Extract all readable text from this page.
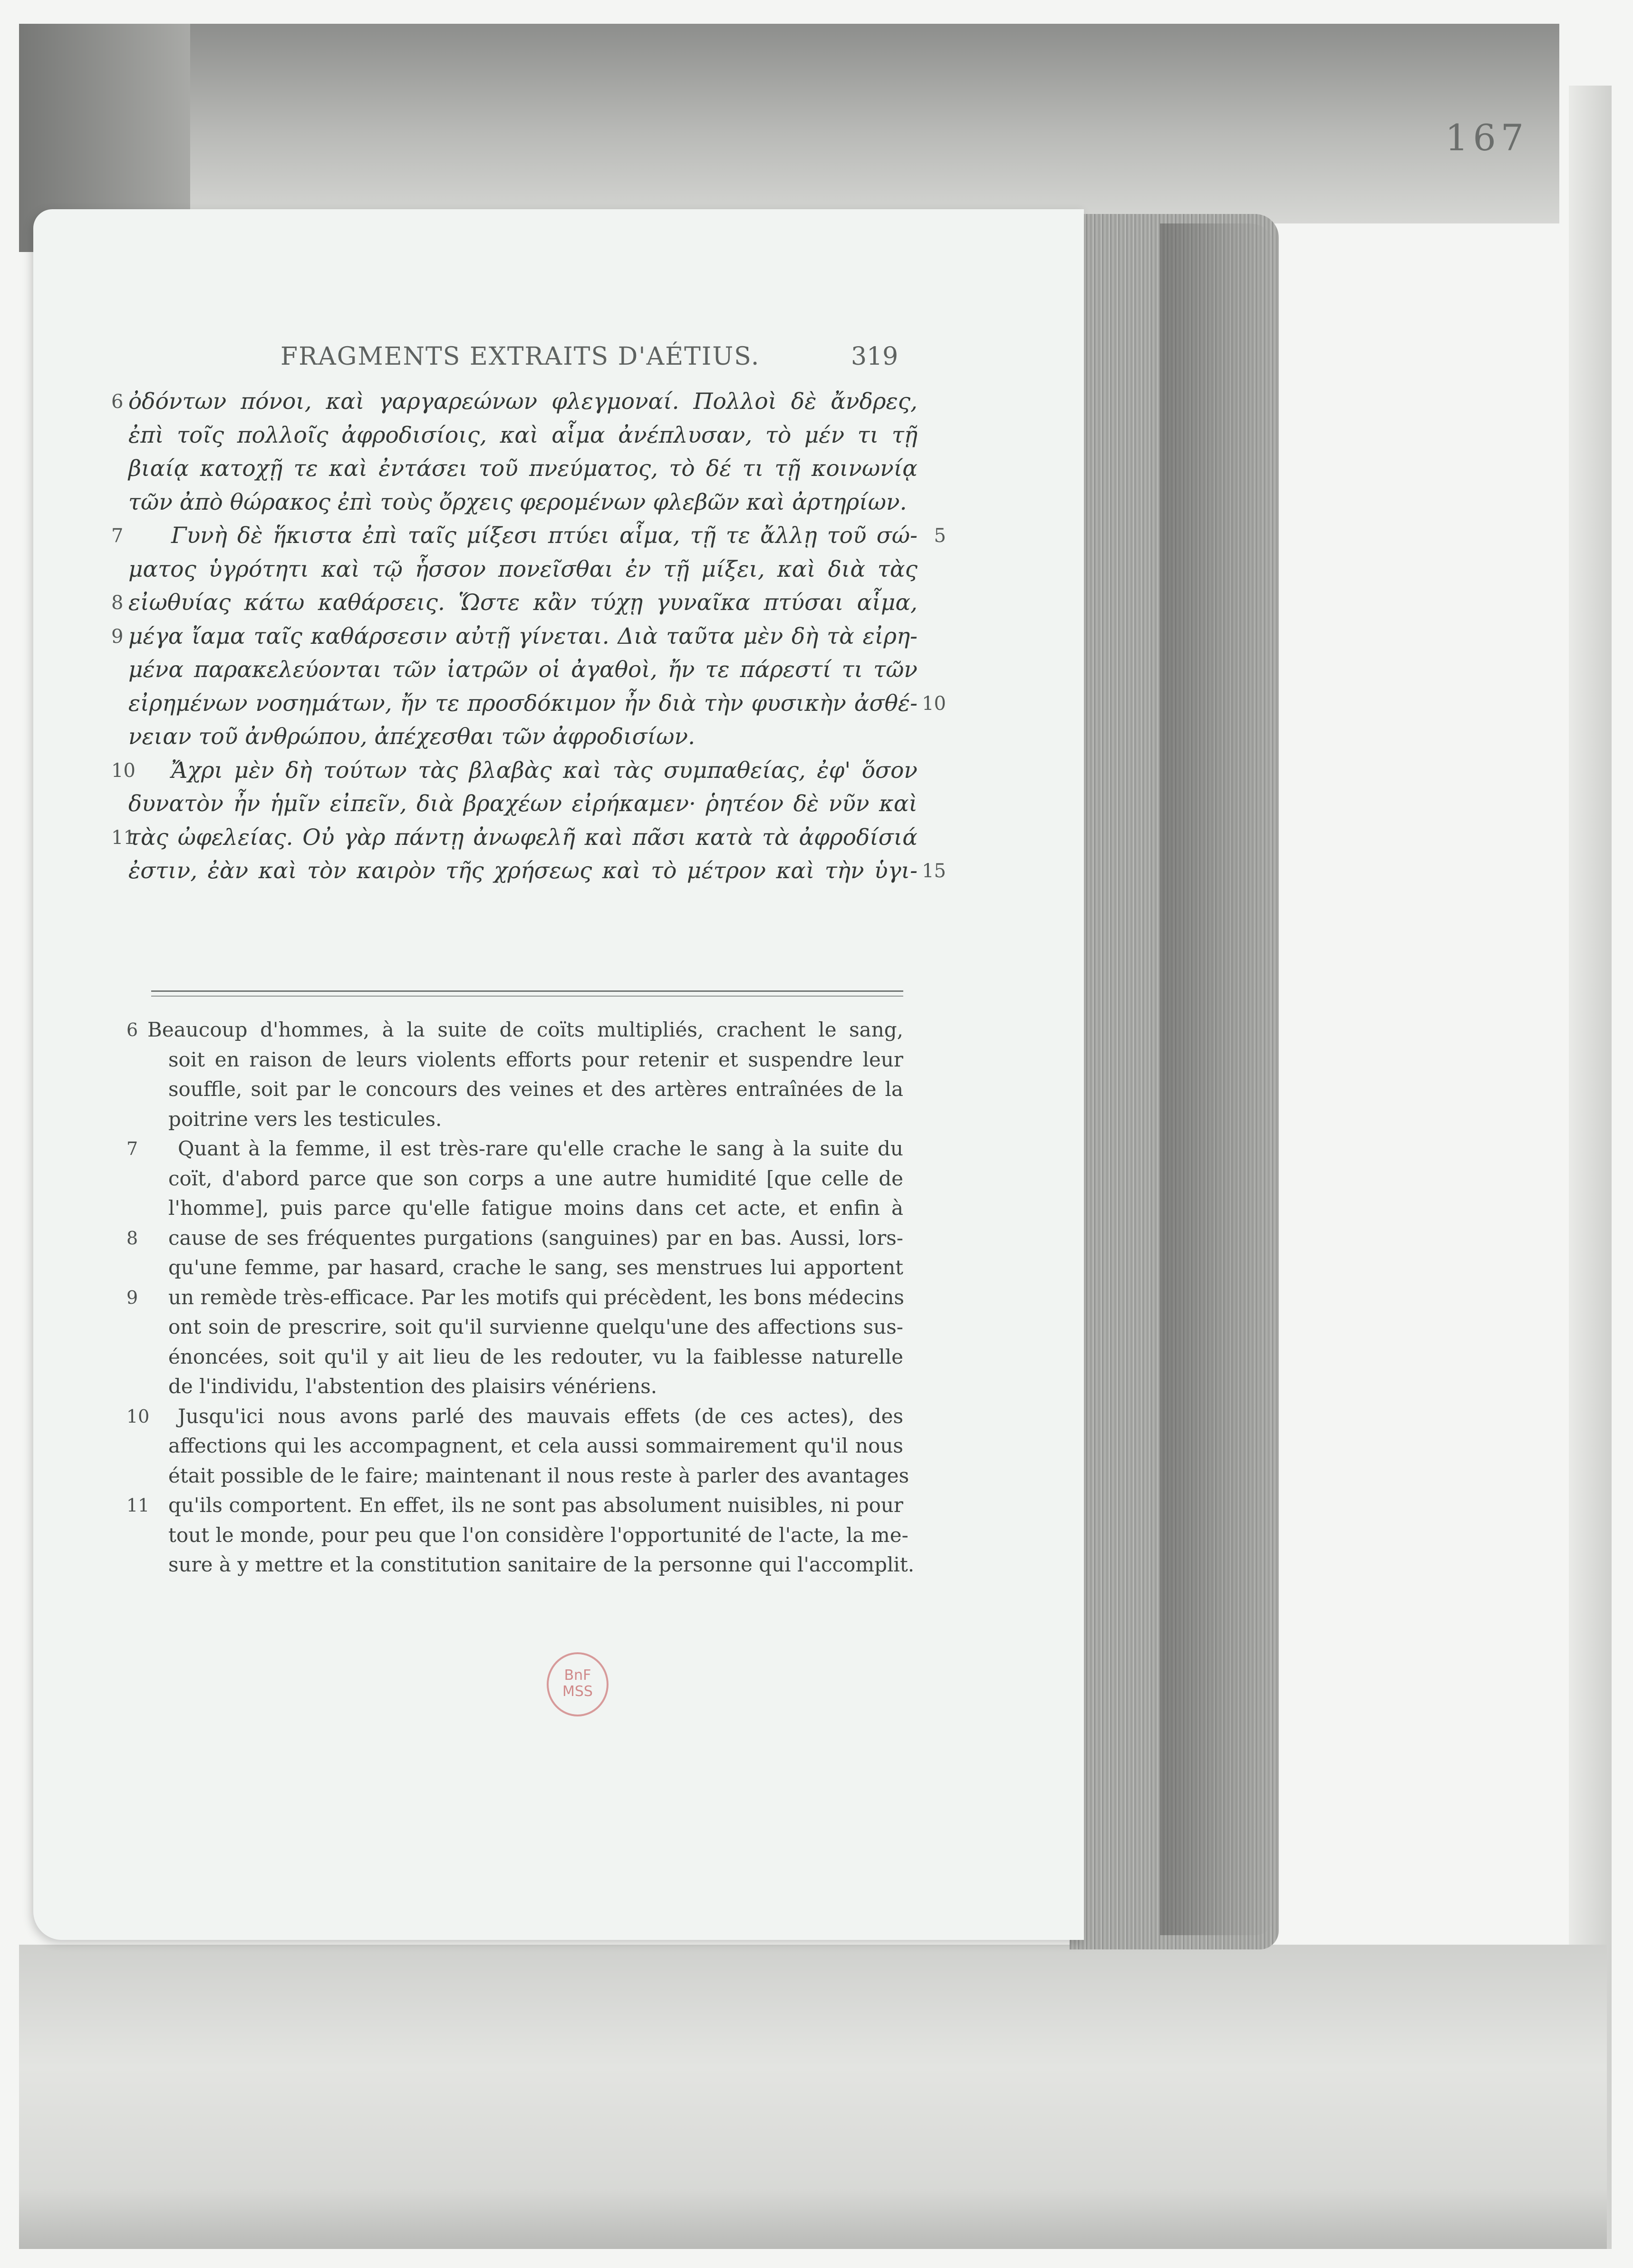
167
FRAGMENTS EXTRAITS D'AÉTIUS.	319
6 ὀδόντων πόνοι, καὶ γαργαρεώνων φλεγμοναί. Πολλοὶ δὲ ἄνδρες,
ἐπὶ τοῖς πολλοῖς ἀφροδισίοις, καὶ αἷμα ἀνέπλυσαν, τὸ μέν τι τῇ
βιαίᾳ κατοχῇ τε καὶ ἐντάσει τοῦ πνεύματος, τὸ δέ τι τῇ κοινωνίᾳ
τῶν ἀπὸ θώρακος ἐπὶ τοὺς ὄρχεις φερομένων φλεβῶν καὶ ἀρτηρίων.
7 Γυνὴ δὲ ἥκιστα ἐπὶ ταῖς μίξεσι πτύει αἷμα, τῇ τε ἄλλῃ τοῦ σώ- 5
ματος ὑγρότητι καὶ τῷ ἧσσον πονεῖσθαι ἐν τῇ μίξει, καὶ διὰ τὰς
8 εἰωθυίας κάτω καθάρσεις. Ὥστε κἂν τύχῃ γυναῖκα πτύσαι αἷμα,
9 μέγα ἴαμα ταῖς καθάρσεσιν αὐτῇ γίνεται. Διὰ ταῦτα μὲν δὴ τὰ εἰρη-
μένα παρακελεύονται τῶν ἰατρῶν οἱ ἀγαθοὶ, ἤν τε πάρεστί τι τῶν
εἰρημένων νοσημάτων, ἤν τε προσδόκιμον ἦν διὰ τὴν φυσικὴν ἀσθέ- 10
νειαν τοῦ ἀνθρώπου, ἀπέχεσθαι τῶν ἀφροδισίων.
10 Ἄχρι μὲν δὴ τούτων τὰς βλαβὰς καὶ τὰς συμπαθείας, ἐφ' ὅσον
δυνατὸν ἦν ἡμῖν εἰπεῖν, διὰ βραχέων εἰρήκαμεν· ῥητέον δὲ νῦν καὶ
11
τὰς ὠφελείας. Οὐ γὰρ πάντῃ ἀνωφελῆ καὶ πᾶσι κατὰ τὰ ἀφροδίσιά
ἐστιν, ἐὰν καὶ τὸν καιρὸν τῆς χρήσεως καὶ τὸ μέτρον καὶ τὴν ὑγι- 15
6 Beaucoup d'hommes, à la suite de coïts multipliés, crachent le sang,
soit en raison de leurs violents efforts pour retenir et suspendre leur
souffle, soit par le concours des veines et des artères entraînées de la
poitrine vers les testicules.
7	Quant à la femme, il est très-rare qu'elle crache le sang à la suite du
coït, d'abord parce que son corps a une autre humidité [que celle de
l'homme], puis parce qu'elle fatigue moins dans cet acte, et enfin à
8	cause de ses fréquentes purgations (sanguines) par en bas. Aussi, lors-
qu'une femme, par hasard, crache le sang, ses menstrues lui apportent
9	un remède très-efficace. Par les motifs qui précèdent, les bons médecins
ont soin de prescrire, soit qu'il survienne quelqu'une des affections sus-
énoncées, soit qu'il y ait lieu de les redouter, vu la faiblesse naturelle
de l'individu, l'abstention des plaisirs vénériens.
10 Jusqu'ici nous avons parlé des mauvais effets (de ces actes), des
affections qui les accompagnent, et cela aussi sommairement qu'il nous
était possible de le faire; maintenant il nous reste à parler des avantages
11 qu'ils comportent. En effet, ils ne sont pas absolument nuisibles, ni pour
tout le monde, pour peu que l'on considère l'opportunité de l'acte, la me-
sure à y mettre et la constitution sanitaire de la personne qui l'accomplit.
BnF
MSS
